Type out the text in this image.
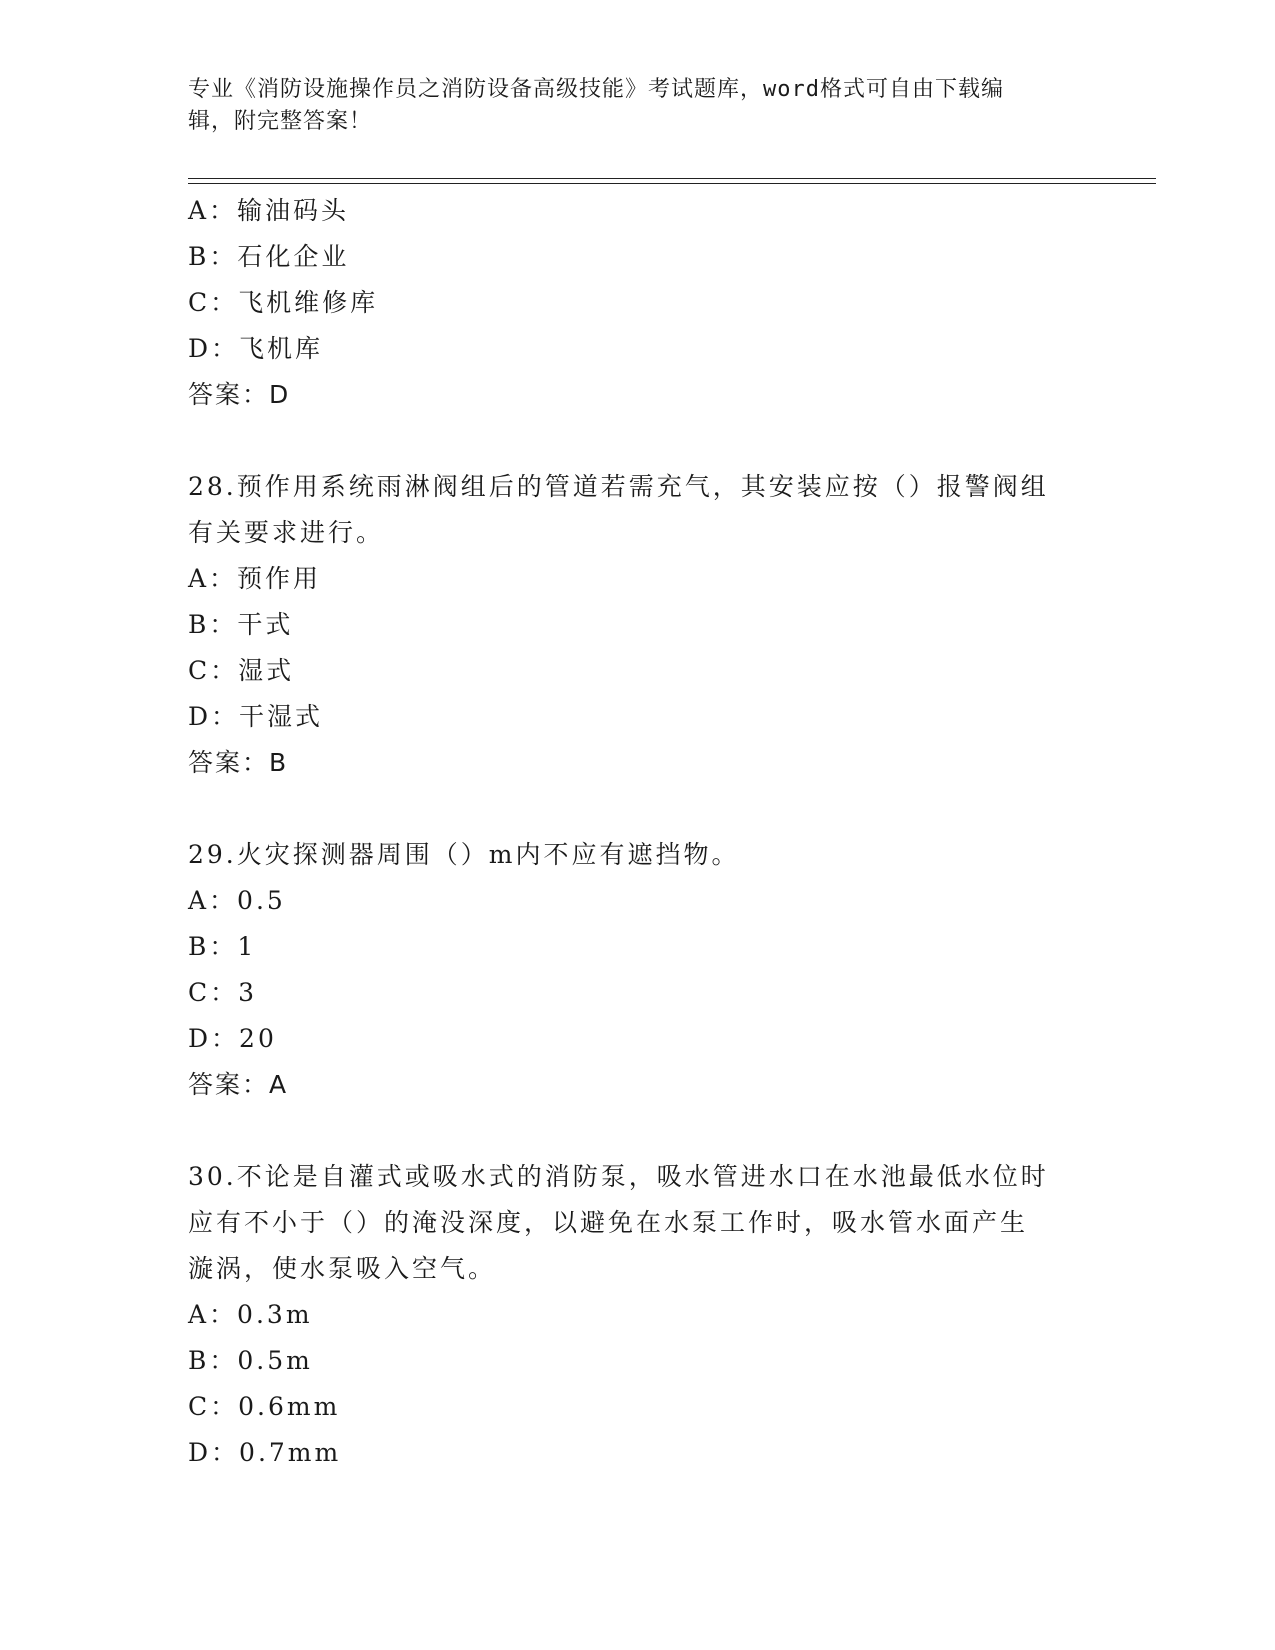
专业《消防设施操作员之消防设备高级技能》考试题库，word格式可自由下载编
辑，附完整答案！
A：输油码头
B：石化企业
C：飞机维修库
D：飞机库
答案：D
28.预作用系统雨淋阀组后的管道若需充气，其安装应按（）报警阀组
有关要求进行。
A：预作用
B：干式
C：湿式
D：干湿式
答案：B
29.火灾探测器周围（）m内不应有遮挡物。
A：0.5
B：1
C：3
D：20
答案：A
30.不论是自灌式或吸水式的消防泵，吸水管进水口在水池最低水位时
应有不小于（）的淹没深度，以避免在水泵工作时，吸水管水面产生
漩涡，使水泵吸入空气。
A：0.3m
B：0.5m
C：0.6mm
D：0.7mm
